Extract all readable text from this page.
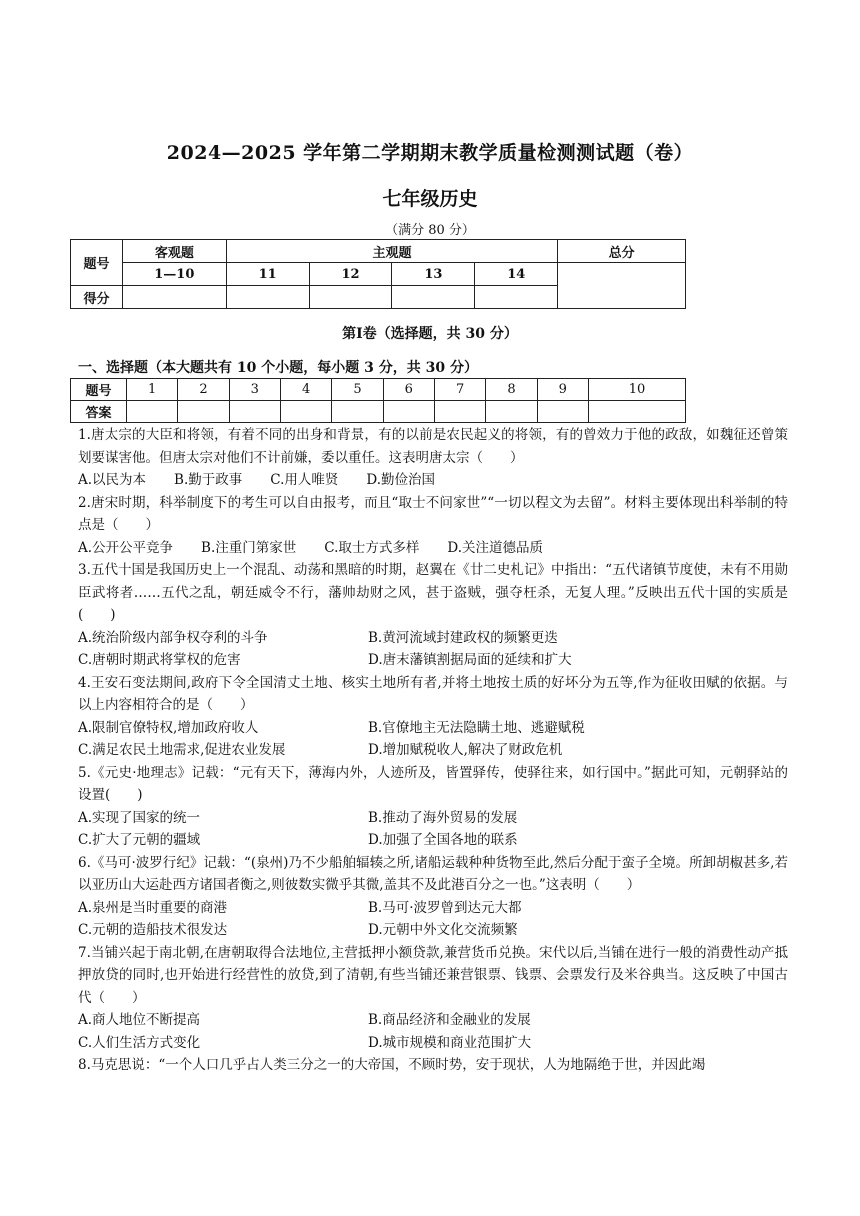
2024—2025 学年第二学期期末教学质量检测测试题（卷）
七年级历史
（满分 80 分）
题号	客观题	主观题				总分
	1—10	11	12	13	14	
得分						
第Ⅰ卷（选择题，共 30 分）
一、选择题（本大题共有 10 个小题，每小题 3 分，共 30 分）
题号	1	2	3	4	5	6	7	8	9	10
答案										

1.唐太宗的大臣和将领，有着不同的出身和背景，有的以前是农民起义的将领，有的曾效力于他的政敌，如魏征还曾策划要谋害他。但唐太宗对他们不计前嫌，委以重任。这表明唐太宗（　　）

A.以民为本 B.勤于政事 C.用人唯贤 D.勤俭治国

2.唐宋时期，科举制度下的考生可以自由报考，而且“取士不问家世”“一切以程文为去留”。材料主要体现出科举制的特点是（　　）

A.公开公平竞争 B.注重门第家世 C.取士方式多样 D.关注道德品质

3.五代十国是我国历史上一个混乱、动荡和黑暗的时期，赵翼在《廿二史札记》中指出：“五代诸镇节度使，未有不用勋臣武将者……五代之乱，朝廷威令不行，藩帅劫财之风，甚于盗贼，强夺枉杀，无复人理。”反映出五代十国的实质是(　　)

A.统治阶级内部争权夺利的斗争	B.黄河流域封建政权的频繁更迭
C.唐朝时期武将掌权的危害	D.唐末藩镇割据局面的延续和扩大

4.王安石变法期间,政府下令全国清丈土地、核实土地所有者,并将土地按土质的好坏分为五等,作为征收田赋的依据。与以上内容相符合的是（　　）

A.限制官僚特权,增加政府收人	B.官僚地主无法隐瞒土地、逃避赋税
C.满足农民土地需求,促进农业发展	D.增加赋税收人,解决了财政危机

5.《元史·地理志》记载：“元有天下，薄海内外，人迹所及，皆置驿传，使驿往来，如行国中。”据此可知，元朝驿站的设置(　　)

A.实现了国家的统一	B.推动了海外贸易的发展
C.扩大了元朝的疆域	D.加强了全国各地的联系

6.《马可·波罗行纪》记载：“(泉州)乃不少船舶辐辏之所,诸船运载种种货物至此,然后分配于蛮子全境。所卸胡椒甚多,若以亚历山大运赴西方诸国者衡之,则彼数实微乎其微,盖其不及此港百分之一也。”这表明（　　）

A.泉州是当时重要的商港	B.马可·波罗曾到达元大都
C.元朝的造船技术很发达	D.元朝中外文化交流频繁

7.当铺兴起于南北朝,在唐朝取得合法地位,主营抵押小额贷款,兼营货币兑换。宋代以后,当铺在进行一般的消费性动产抵押放贷的同时,也开始进行经营性的放贷,到了清朝,有些当铺还兼营银票、钱票、会票发行及米谷典当。这反映了中国古代（　　）

A.商人地位不断提高	B.商品经济和金融业的发展
C.人们生活方式变化	D.城市规模和商业范围扩大

8.马克思说：“一个人口几乎占人类三分之一的大帝国，不顾时势，安于现状，人为地隔绝于世，并因此竭
